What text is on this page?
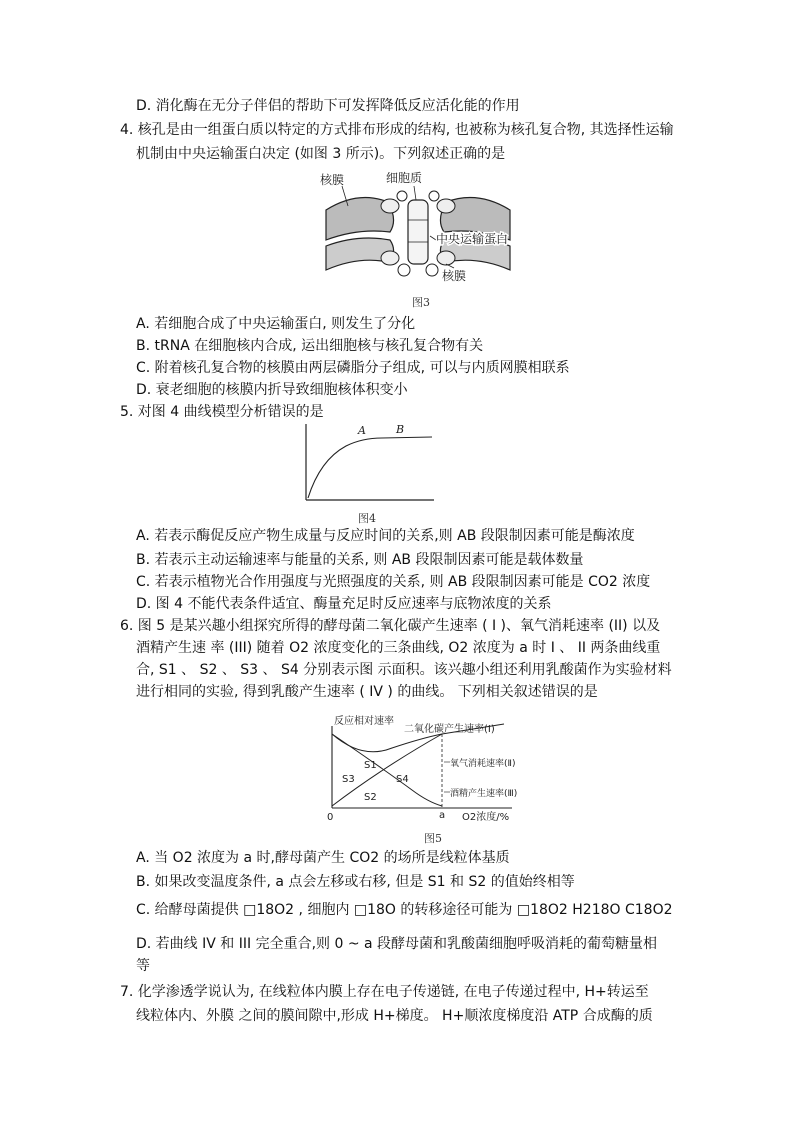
D. 消化酶在无分子伴侣的帮助下可发挥降低反应活化能的作用
4. 核孔是由一组蛋白质以特定的方式排布形成的结构, 也被称为核孔复合物, 其选择性运输
机制由中央运输蛋白决定 (如图 3 所示)。下列叙述正确的是
核膜	细胞质
中央运输蛋白
核膜
图3
A. 若细胞合成了中央运输蛋白, 则发生了分化
B. tRNA 在细胞核内合成, 运出细胞核与核孔复合物有关
C. 附着核孔复合物的核膜由两层磷脂分子组成, 可以与内质网膜相联系
D. 衰老细胞的核膜内折导致细胞核体积变小
5. 对图 4 曲线模型分析错误的是
A	B
图4
A. 若表示酶促反应产物生成量与反应时间的关系,则 AB 段限制因素可能是酶浓度
B. 若表示主动运输速率与能量的关系, 则 AB 段限制因素可能是载体数量
C. 若表示植物光合作用强度与光照强度的关系, 则 AB 段限制因素可能是 CO2 浓度
D. 图 4 不能代表条件适宜、酶量充足时反应速率与底物浓度的关系
6. 图 5 是某兴趣小组探究所得的酵母菌二氧化碳产生速率 ( I )、氧气消耗速率 (II) 以及
酒精产生速 率 (III) 随着 O2 浓度变化的三条曲线, O2 浓度为 a 时 I 、 II 两条曲线重
合, S1 、 S2 、 S3 、 S4 分别表示图 示面积。该兴趣小组还利用乳酸菌作为实验材料
进行相同的实验, 得到乳酸产生速率 ( IV ) 的曲线。 下列相关叙述错误的是
反应相对速率
二氧化碳产生速率(Ⅰ)
氧气消耗速率(Ⅱ)
酒精产生速率(Ⅲ)
S1
S2
S3	S4
0	a O2浓度/%
图5
A. 当 O2 浓度为 a 时,酵母菌产生 CO2 的场所是线粒体基质
B. 如果改变温度条件, a 点会左移或右移, 但是 S1 和 S2 的值始终相等
C. 给酵母菌提供 □18O2 , 细胞内 □18O 的转移途径可能为 □18O2 H218O C18O2
D. 若曲线 IV 和 III 完全重合,则 0 ~ a 段酵母菌和乳酸菌细胞呼吸消耗的葡萄糖量相
等
7. 化学渗透学说认为, 在线粒体内膜上存在电子传递链, 在电子传递过程中, H+转运至
线粒体内、外膜 之间的膜间隙中,形成 H+梯度。 H+顺浓度梯度沿 ATP 合成酶的质
